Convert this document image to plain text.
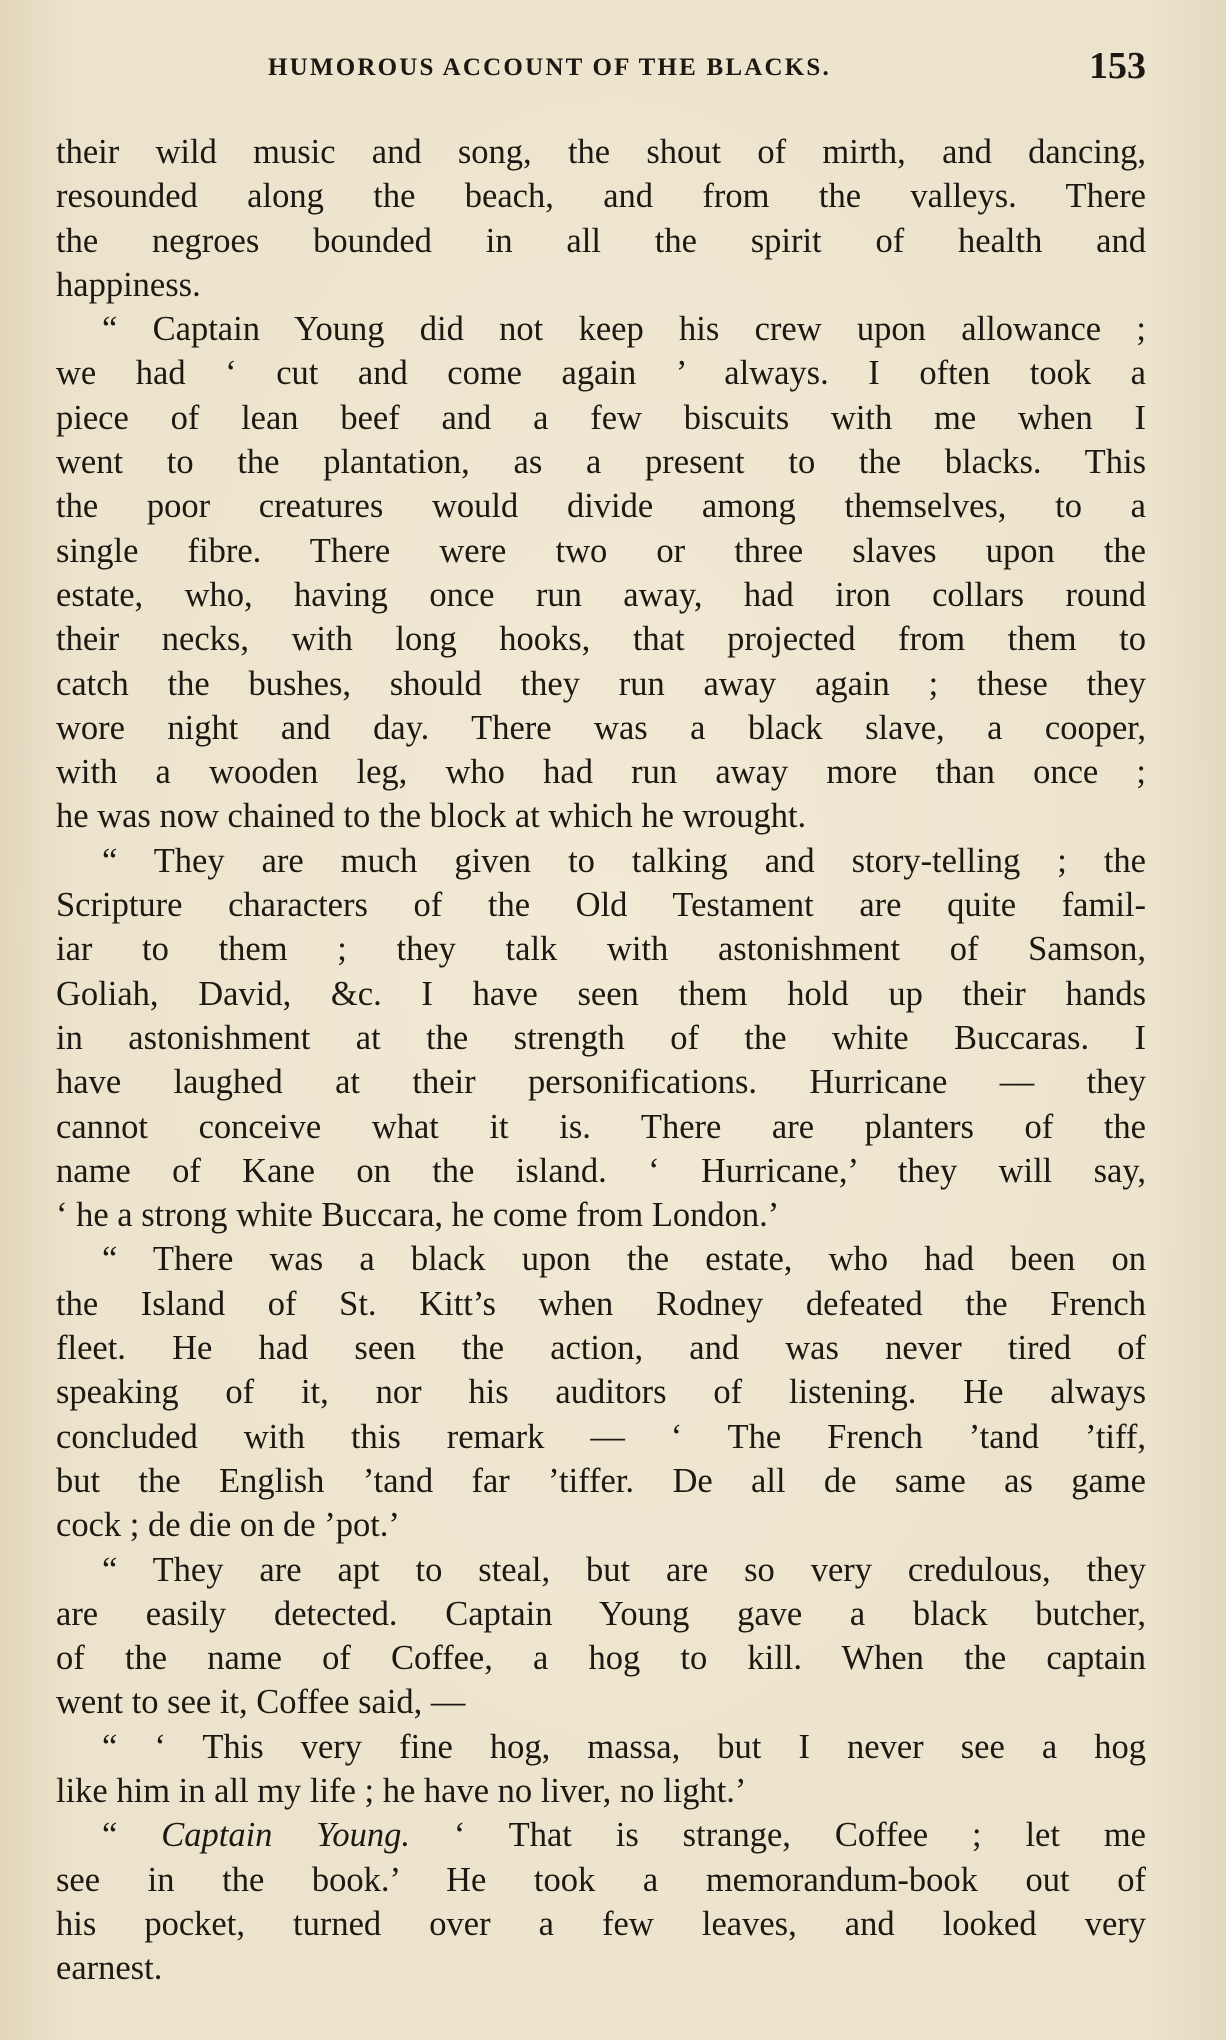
HUMOROUS ACCOUNT OF THE BLACKS.	153
their wild music and song, the shout of mirth, and dancing,
resounded along the beach, and from the valleys. There
the negroes bounded in all the spirit of health and
happiness.
“ Captain Young did not keep his crew upon allowance ;
we had ‘ cut and come again ’ always. I often took a
piece of lean beef and a few biscuits with me when I
went to the plantation, as a present to the blacks. This
the poor creatures would divide among themselves, to a
single fibre. There were two or three slaves upon the
estate, who, having once run away, had iron collars round
their necks, with long hooks, that projected from them to
catch the bushes, should they run away again ; these they
wore night and day. There was a black slave, a cooper,
with a wooden leg, who had run away more than once ;
he was now chained to the block at which he wrought.
“ They are much given to talking and story-telling ; the
Scripture characters of the Old Testament are quite famil-
iar to them ; they talk with astonishment of Samson,
Goliah, David, &c. I have seen them hold up their hands
in astonishment at the strength of the white Buccaras. I
have laughed at their personifications. Hurricane — they
cannot conceive what it is. There are planters of the
name of Kane on the island. ‘ Hurricane,’ they will say,
‘ he a strong white Buccara, he come from London.’
“ There was a black upon the estate, who had been on
the Island of St. Kitt’s when Rodney defeated the French
fleet. He had seen the action, and was never tired of
speaking of it, nor his auditors of listening. He always
concluded with this remark — ‘ The French ’tand ’tiff,
but the English ’tand far ’tiffer. De all de same as game
cock ; de die on de ’pot.’
“ They are apt to steal, but are so very credulous, they
are easily detected. Captain Young gave a black butcher,
of the name of Coffee, a hog to kill. When the captain
went to see it, Coffee said, —
“ ‘ This very fine hog, massa, but I never see a hog
like him in all my life ; he have no liver, no light.’
“ Captain Young. ‘ That is strange, Coffee ; let me
see in the book.’ He took a memorandum-book out of
his pocket, turned over a few leaves, and looked very
earnest.
